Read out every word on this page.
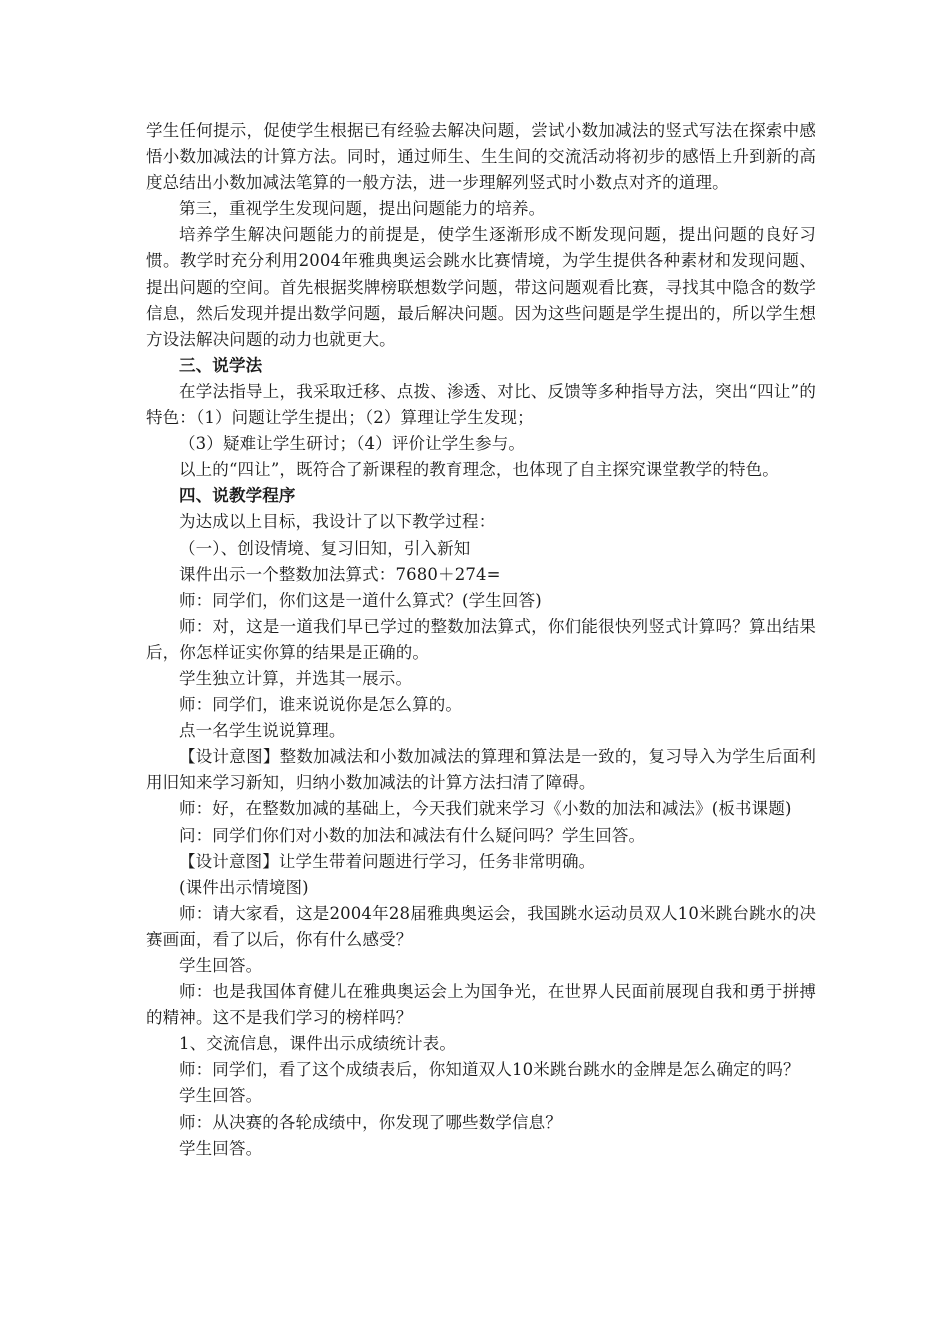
学生任何提示，促使学生根据已有经验去解决问题，尝试小数加减法的竖式写法在探索中感悟小数加减法的计算方法。同时，通过师生、生生间的交流活动将初步的感悟上升到新的高度总结出小数加减法笔算的一般方法，进一步理解列竖式时小数点对齐的道理。

第三，重视学生发现问题，提出问题能力的培养。

培养学生解决问题能力的前提是，使学生逐渐形成不断发现问题，提出问题的良好习惯。教学时充分利用2004年雅典奥运会跳水比赛情境，为学生提供各种素材和发现问题、提出问题的空间。首先根据奖牌榜联想数学问题，带这问题观看比赛，寻找其中隐含的数学信息，然后发现并提出数学问题，最后解决问题。因为这些问题是学生提出的，所以学生想方设法解决问题的动力也就更大。

三、说学法

在学法指导上，我采取迁移、点拨、渗透、对比、反馈等多种指导方法，突出“四让”的特色：（1）问题让学生提出；（2）算理让学生发现；

（3）疑难让学生研讨；（4）评价让学生参与。

以上的“四让”，既符合了新课程的教育理念，也体现了自主探究课堂教学的特色。

四、说教学程序

为达成以上目标，我设计了以下教学过程：

（一）、创设情境、复习旧知，引入新知

课件出示一个整数加法算式：7680＋274=

师：同学们，你们这是一道什么算式？(学生回答)

师：对，这是一道我们早已学过的整数加法算式，你们能很快列竖式计算吗？算出结果后，你怎样证实你算的结果是正确的。

学生独立计算，并选其一展示。

师：同学们，谁来说说你是怎么算的。

点一名学生说说算理。

【设计意图】整数加减法和小数加减法的算理和算法是一致的，复习导入为学生后面利用旧知来学习新知，归纳小数加减法的计算方法扫清了障碍。

师：好，在整数加减的基础上，今天我们就来学习《小数的加法和减法》(板书课题)

问：同学们你们对小数的加法和减法有什么疑问吗？学生回答。

【设计意图】让学生带着问题进行学习，任务非常明确。

(课件出示情境图)

师：请大家看，这是2004年28届雅典奥运会，我国跳水运动员双人10米跳台跳水的决赛画面，看了以后，你有什么感受？

学生回答。

师：也是我国体育健儿在雅典奥运会上为国争光，在世界人民面前展现自我和勇于拼搏的精神。这不是我们学习的榜样吗？

1、交流信息，课件出示成绩统计表。

师：同学们，看了这个成绩表后，你知道双人10米跳台跳水的金牌是怎么确定的吗？

学生回答。

师：从决赛的各轮成绩中，你发现了哪些数学信息？

学生回答。
